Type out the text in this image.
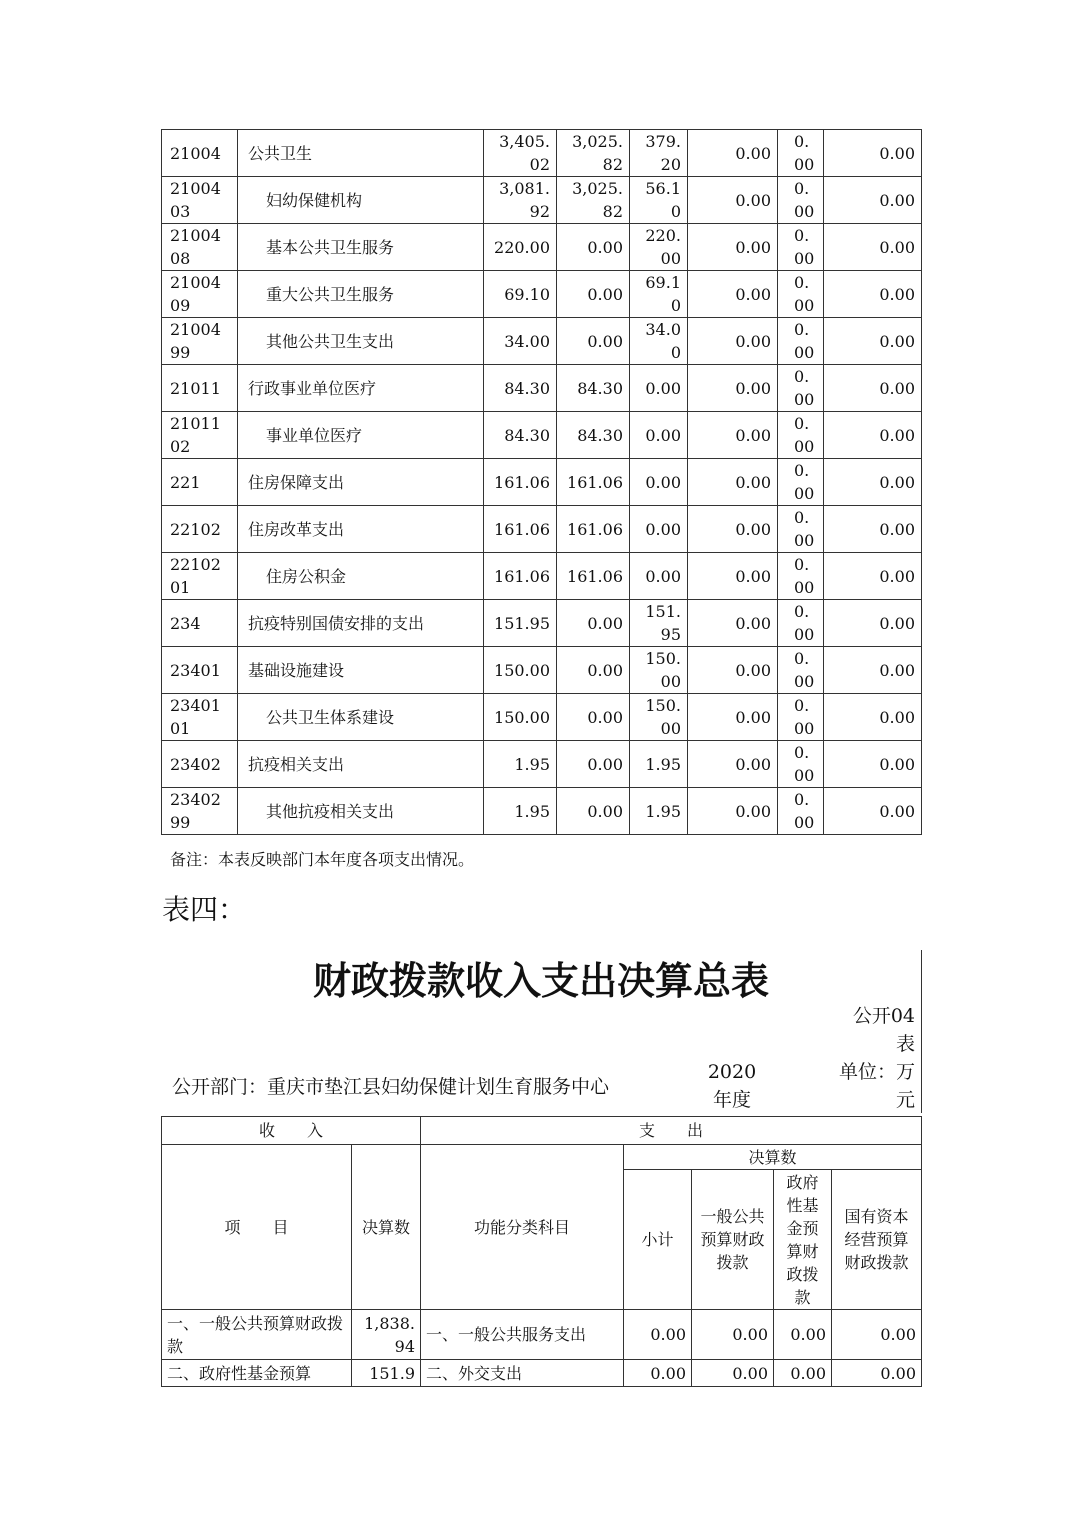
21004	公共卫生	3,405.02	3,025.82	379.20	0.00	0.00	0.00
2100403	妇幼保健机构	3,081.92	3,025.82	56.10	0.00	0.00	0.00
2100408	基本公共卫生服务	220.00	0.00	220.00	0.00	0.00	0.00
2100409	重大公共卫生服务	69.10	0.00	69.10	0.00	0.00	0.00
2100499	其他公共卫生支出	34.00	0.00	34.00	0.00	0.00	0.00
21011	行政事业单位医疗	84.30	84.30	0.00	0.00	0.00	0.00
2101102	事业单位医疗	84.30	84.30	0.00	0.00	0.00	0.00
221	住房保障支出	161.06	161.06	0.00	0.00	0.00	0.00
22102	住房改革支出	161.06	161.06	0.00	0.00	0.00	0.00
2210201	住房公积金	161.06	161.06	0.00	0.00	0.00	0.00
234	抗疫特别国债安排的支出	151.95	0.00	151.95	0.00	0.00	0.00
23401	基础设施建设	150.00	0.00	150.00	0.00	0.00	0.00
2340101	公共卫生体系建设	150.00	0.00	150.00	0.00	0.00	0.00
23402	抗疫相关支出	1.95	0.00	1.95	0.00	0.00	0.00
2340299	其他抗疫相关支出	1.95	0.00	1.95	0.00	0.00	0.00
备注：本表反映部门本年度各项支出情况。
表四：
财政拨款收入支出决算总表
公开04表
公开部门：重庆市垫江县妇幼保健计划生育服务中心
2020年度
单位：万元
收　　入		支　　出				
项　　目	决算数	功能分类科目	决算数			
			小计	一般公共预算财政拨款	政府性基金预算财政拨款	国有资本经营预算财政拨款
一、一般公共预算财政拨款	1,838.94	一、一般公共服务支出	0.00	0.00	0.00	0.00
二、政府性基金预算	151.9	二、外交支出	0.00	0.00	0.00	0.00
